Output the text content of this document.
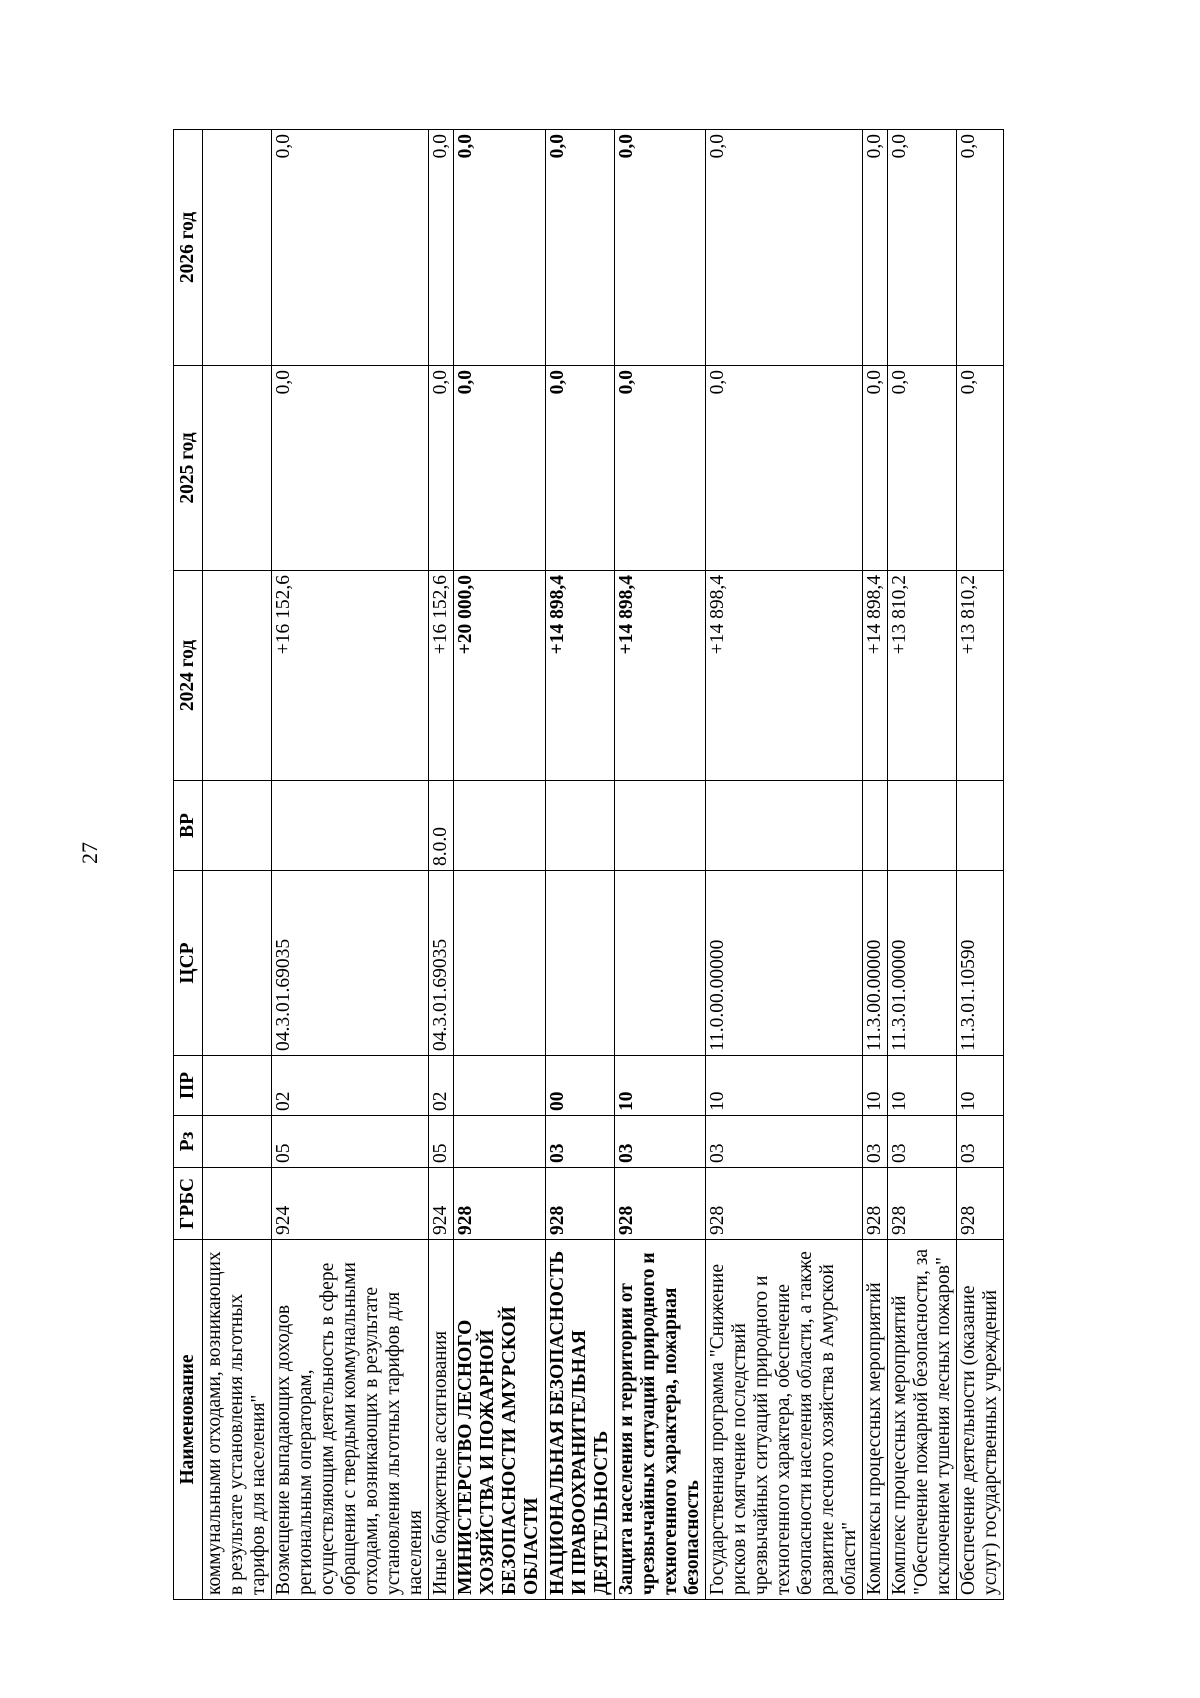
27
Наименование	ГРБС	Рз	ПР	ЦСР	ВР	2024 год	2025 год	2026 год
коммунальными отходами, возникающих в результате установления льготных тарифов для населения"								
Возмещение выпадающих доходов региональным операторам, осуществляющим деятельность в сфере обращения с твердыми коммунальными отходами, возникающих в результате установления льготных тарифов для населения	924	05	02	04.3.01.69035		+16 152,6	0,0	0,0
Иные бюджетные ассигнования	924	05	02	04.3.01.69035	8.0.0	+16 152,6	0,0	0,0
МИНИСТЕРСТВО ЛЕСНОГО ХОЗЯЙСТВА И ПОЖАРНОЙ БЕЗОПАСНОСТИ АМУРСКОЙ ОБЛАСТИ	928					+20 000,0	0,0	0,0
НАЦИОНАЛЬНАЯ БЕЗОПАСНОСТЬ И ПРАВООХРАНИТЕЛЬНАЯ ДЕЯТЕЛЬНОСТЬ	928	03	00			+14 898,4	0,0	0,0
Защита населения и территории от чрезвычайных ситуаций природного и техногенного характера, пожарная безопасность	928	03	10			+14 898,4	0,0	0,0
Государственная программа "Снижение рисков и смягчение последствий чрезвычайных ситуаций природного и техногенного характера, обеспечение безопасности населения области, а также развитие лесного хозяйства в Амурской области"	928	03	10	11.0.00.00000		+14 898,4	0,0	0,0
Комплексы процессных мероприятий	928	03	10	11.3.00.00000		+14 898,4	0,0	0,0
Комплекс процессных мероприятий "Обеспечение пожарной безопасности, за исключением тушения лесных пожаров"	928	03	10	11.3.01.00000		+13 810,2	0,0	0,0
Обеспечение деятельности (оказание услуг) государственных учреждений	928	03	10	11.3.01.10590		+13 810,2	0,0	0,0
